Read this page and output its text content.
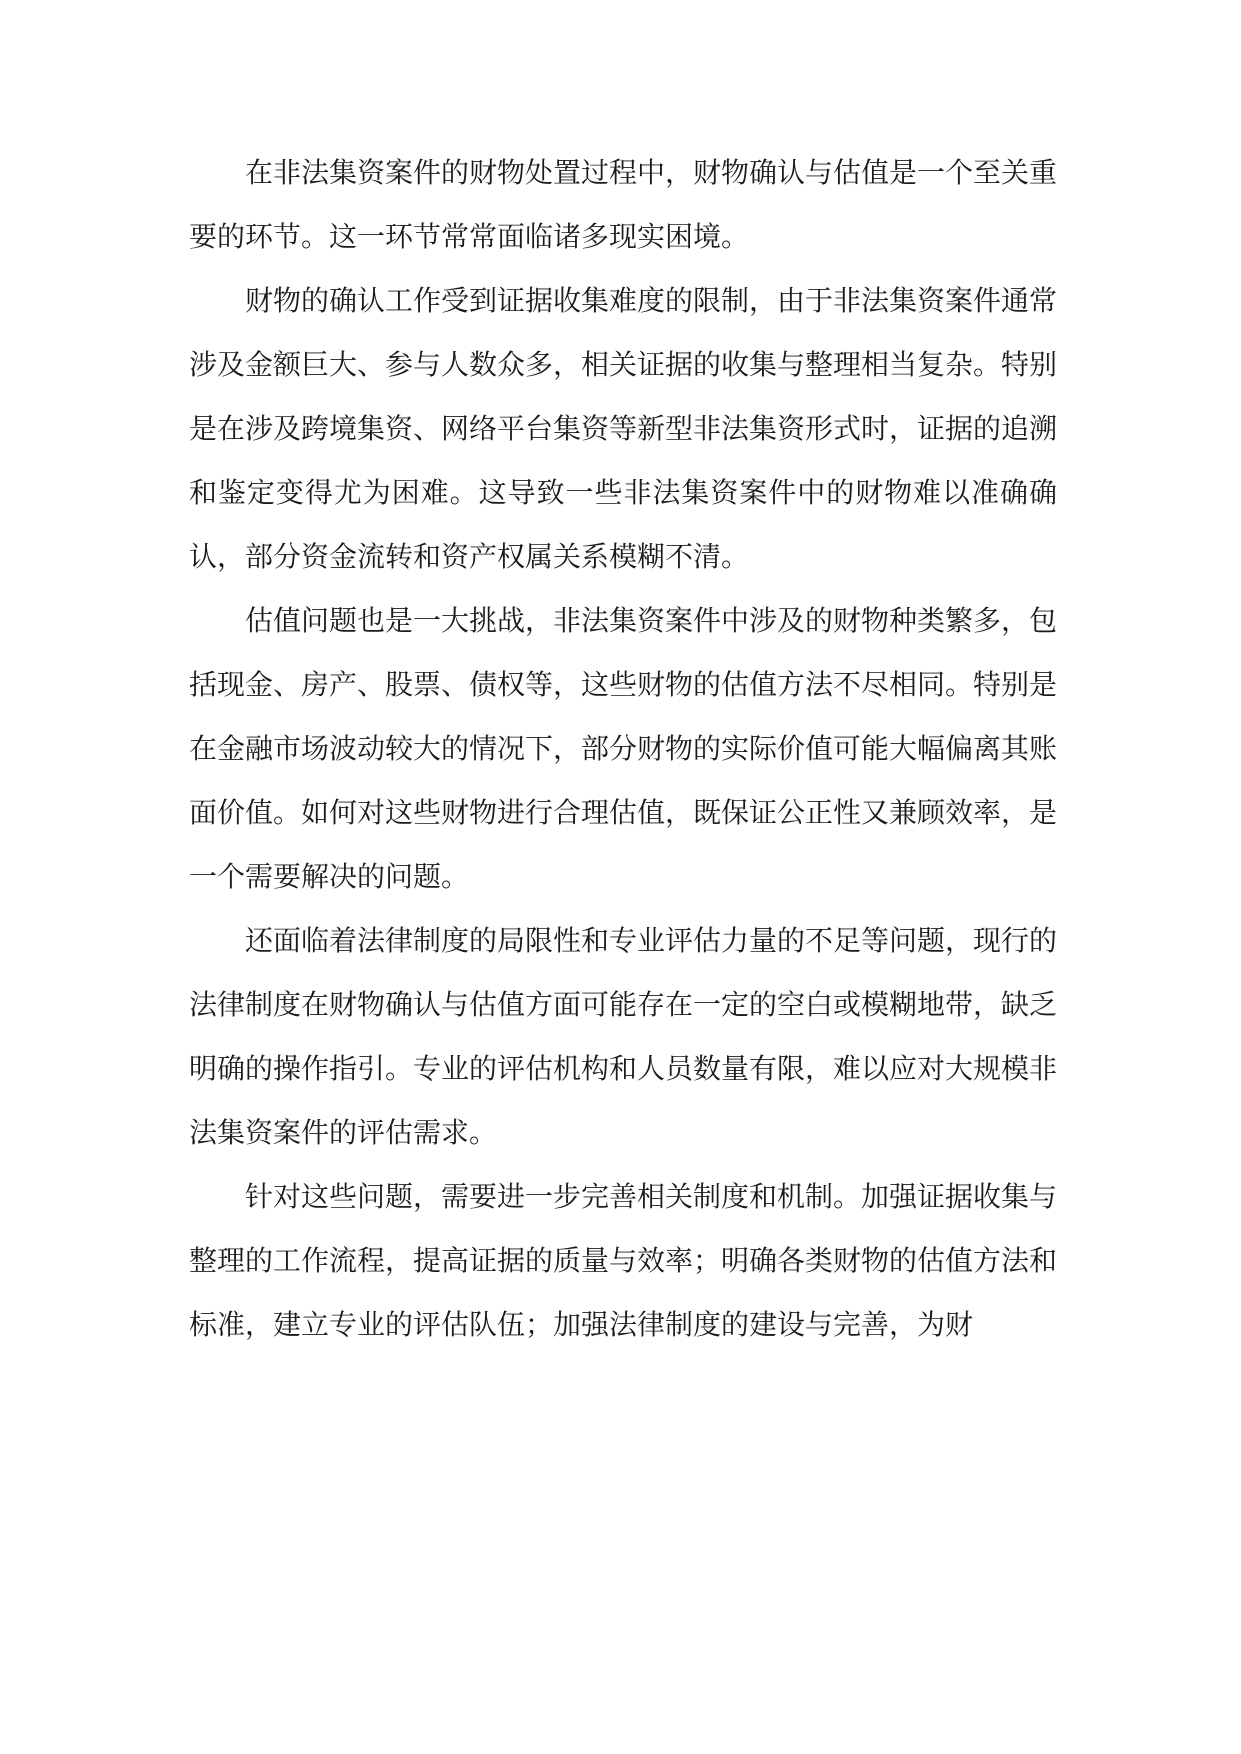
在非法集资案件的财物处置过程中，财物确认与估值是一个至关重要的环节。这一环节常常面临诸多现实困境。

财物的确认工作受到证据收集难度的限制，由于非法集资案件通常涉及金额巨大、参与人数众多，相关证据的收集与整理相当复杂。特别是在涉及跨境集资、网络平台集资等新型非法集资形式时，证据的追溯和鉴定变得尤为困难。这导致一些非法集资案件中的财物难以准确确认，部分资金流转和资产权属关系模糊不清。

估值问题也是一大挑战，非法集资案件中涉及的财物种类繁多，包括现金、房产、股票、债权等，这些财物的估值方法不尽相同。特别是在金融市场波动较大的情况下，部分财物的实际价值可能大幅偏离其账面价值。如何对这些财物进行合理估值，既保证公正性又兼顾效率，是一个需要解决的问题。

还面临着法律制度的局限性和专业评估力量的不足等问题，现行的法律制度在财物确认与估值方面可能存在一定的空白或模糊地带，缺乏明确的操作指引。专业的评估机构和人员数量有限，难以应对大规模非法集资案件的评估需求。

针对这些问题，需要进一步完善相关制度和机制。加强证据收集与整理的工作流程，提高证据的质量与效率；明确各类财物的估值方法和标准，建立专业的评估队伍；加强法律制度的建设与完善，为财
